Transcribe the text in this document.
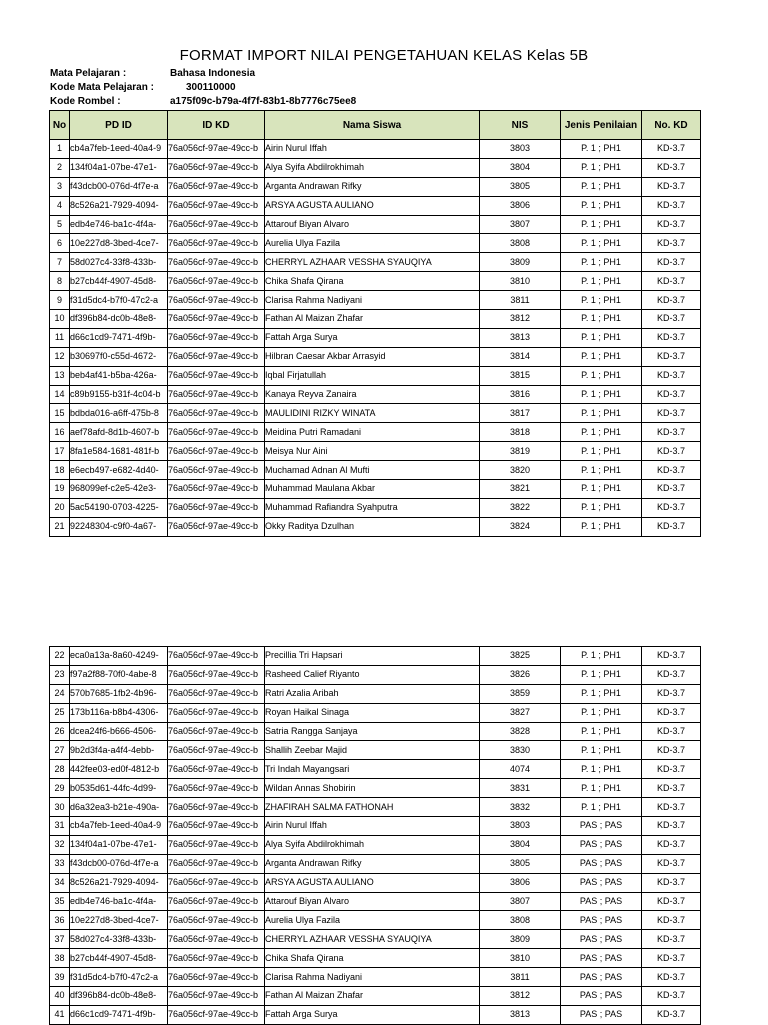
FORMAT IMPORT NILAI PENGETAHUAN KELAS Kelas 5B
Mata Pelajaran :	Bahasa Indonesia
Kode Mata Pelajaran :	300110000
Kode Rombel :	a175f09c-b79a-4f7f-83b1-8b7776c75ee8
No	PD ID	ID KD	Nama Siswa	NIS	Jenis Penilaian	No. KD
1	cb4a7feb-1eed-40a4-9	76a056cf-97ae-49cc-b	Airin Nurul Iffah	3803	P. 1 ; PH1	KD-3.7
2	134f04a1-07be-47e1-	76a056cf-97ae-49cc-b	Alya Syifa Abdilrokhimah	3804	P. 1 ; PH1	KD-3.7
3	f43dcb00-076d-4f7e-a	76a056cf-97ae-49cc-b	Arganta Andrawan Rifky	3805	P. 1 ; PH1	KD-3.7
4	8c526a21-7929-4094-	76a056cf-97ae-49cc-b	ARSYA AGUSTA AULIANO	3806	P. 1 ; PH1	KD-3.7
5	edb4e746-ba1c-4f4a-	76a056cf-97ae-49cc-b	Attarouf Biyan Alvaro	3807	P. 1 ; PH1	KD-3.7
6	10e227d8-3bed-4ce7-	76a056cf-97ae-49cc-b	Aurelia Ulya Fazila	3808	P. 1 ; PH1	KD-3.7
7	58d027c4-33f8-433b-	76a056cf-97ae-49cc-b	CHERRYL AZHAAR VESSHA SYAUQIYA	3809	P. 1 ; PH1	KD-3.7
8	b27cb44f-4907-45d8-	76a056cf-97ae-49cc-b	Chika Shafa Qirana	3810	P. 1 ; PH1	KD-3.7
9	f31d5dc4-b7f0-47c2-a	76a056cf-97ae-49cc-b	Clarisa Rahma Nadiyani	3811	P. 1 ; PH1	KD-3.7
10	df396b84-dc0b-48e8-	76a056cf-97ae-49cc-b	Fathan Al Maizan Zhafar	3812	P. 1 ; PH1	KD-3.7
11	d66c1cd9-7471-4f9b-	76a056cf-97ae-49cc-b	Fattah Arga Surya	3813	P. 1 ; PH1	KD-3.7
12	b30697f0-c55d-4672-	76a056cf-97ae-49cc-b	Hilbran Caesar Akbar Arrasyid	3814	P. 1 ; PH1	KD-3.7
13	beb4af41-b5ba-426a-	76a056cf-97ae-49cc-b	Iqbal Firjatullah	3815	P. 1 ; PH1	KD-3.7
14	c89b9155-b31f-4c04-b	76a056cf-97ae-49cc-b	Kanaya Reyva Zanaira	3816	P. 1 ; PH1	KD-3.7
15	bdbda016-a6ff-475b-8	76a056cf-97ae-49cc-b	MAULIDINI RIZKY WINATA	3817	P. 1 ; PH1	KD-3.7
16	aef78afd-8d1b-4607-b	76a056cf-97ae-49cc-b	Meidina Putri Ramadani	3818	P. 1 ; PH1	KD-3.7
17	8fa1e584-1681-481f-b	76a056cf-97ae-49cc-b	Meisya Nur Aini	3819	P. 1 ; PH1	KD-3.7
18	e6ecb497-e682-4d40-	76a056cf-97ae-49cc-b	Muchamad Adnan Al Mufti	3820	P. 1 ; PH1	KD-3.7
19	968099ef-c2e5-42e3-	76a056cf-97ae-49cc-b	Muhammad Maulana Akbar	3821	P. 1 ; PH1	KD-3.7
20	5ac54190-0703-4225-	76a056cf-97ae-49cc-b	Muhammad Rafiandra Syahputra	3822	P. 1 ; PH1	KD-3.7
21	92248304-c9f0-4a67-	76a056cf-97ae-49cc-b	Okky Raditya Dzulhan	3824	P. 1 ; PH1	KD-3.7
22	eca0a13a-8a60-4249-	76a056cf-97ae-49cc-b	Precillia Tri Hapsari	3825	P. 1 ; PH1	KD-3.7
23	f97a2f88-70f0-4abe-8	76a056cf-97ae-49cc-b	Rasheed Calief Riyanto	3826	P. 1 ; PH1	KD-3.7
24	570b7685-1fb2-4b96-	76a056cf-97ae-49cc-b	Ratri Azalia Aribah	3859	P. 1 ; PH1	KD-3.7
25	173b116a-b8b4-4306-	76a056cf-97ae-49cc-b	Royan Haikal Sinaga	3827	P. 1 ; PH1	KD-3.7
26	dcea24f6-b666-4506-	76a056cf-97ae-49cc-b	Satria Rangga Sanjaya	3828	P. 1 ; PH1	KD-3.7
27	9b2d3f4a-a4f4-4ebb-	76a056cf-97ae-49cc-b	Shallih Zeebar Majid	3830	P. 1 ; PH1	KD-3.7
28	442fee03-ed0f-4812-b	76a056cf-97ae-49cc-b	Tri Indah Mayangsari	4074	P. 1 ; PH1	KD-3.7
29	b0535d61-44fc-4d99-	76a056cf-97ae-49cc-b	Wildan Annas Shobirin	3831	P. 1 ; PH1	KD-3.7
30	d6a32ea3-b21e-490a-	76a056cf-97ae-49cc-b	ZHAFIRAH SALMA FATHONAH	3832	P. 1 ; PH1	KD-3.7
31	cb4a7feb-1eed-40a4-9	76a056cf-97ae-49cc-b	Airin Nurul Iffah	3803	PAS ; PAS	KD-3.7
32	134f04a1-07be-47e1-	76a056cf-97ae-49cc-b	Alya Syifa Abdilrokhimah	3804	PAS ; PAS	KD-3.7
33	f43dcb00-076d-4f7e-a	76a056cf-97ae-49cc-b	Arganta Andrawan Rifky	3805	PAS ; PAS	KD-3.7
34	8c526a21-7929-4094-	76a056cf-97ae-49cc-b	ARSYA AGUSTA AULIANO	3806	PAS ; PAS	KD-3.7
35	edb4e746-ba1c-4f4a-	76a056cf-97ae-49cc-b	Attarouf Biyan Alvaro	3807	PAS ; PAS	KD-3.7
36	10e227d8-3bed-4ce7-	76a056cf-97ae-49cc-b	Aurelia Ulya Fazila	3808	PAS ; PAS	KD-3.7
37	58d027c4-33f8-433b-	76a056cf-97ae-49cc-b	CHERRYL AZHAAR VESSHA SYAUQIYA	3809	PAS ; PAS	KD-3.7
38	b27cb44f-4907-45d8-	76a056cf-97ae-49cc-b	Chika Shafa Qirana	3810	PAS ; PAS	KD-3.7
39	f31d5dc4-b7f0-47c2-a	76a056cf-97ae-49cc-b	Clarisa Rahma Nadiyani	3811	PAS ; PAS	KD-3.7
40	df396b84-dc0b-48e8-	76a056cf-97ae-49cc-b	Fathan Al Maizan Zhafar	3812	PAS ; PAS	KD-3.7
41	d66c1cd9-7471-4f9b-	76a056cf-97ae-49cc-b	Fattah Arga Surya	3813	PAS ; PAS	KD-3.7
